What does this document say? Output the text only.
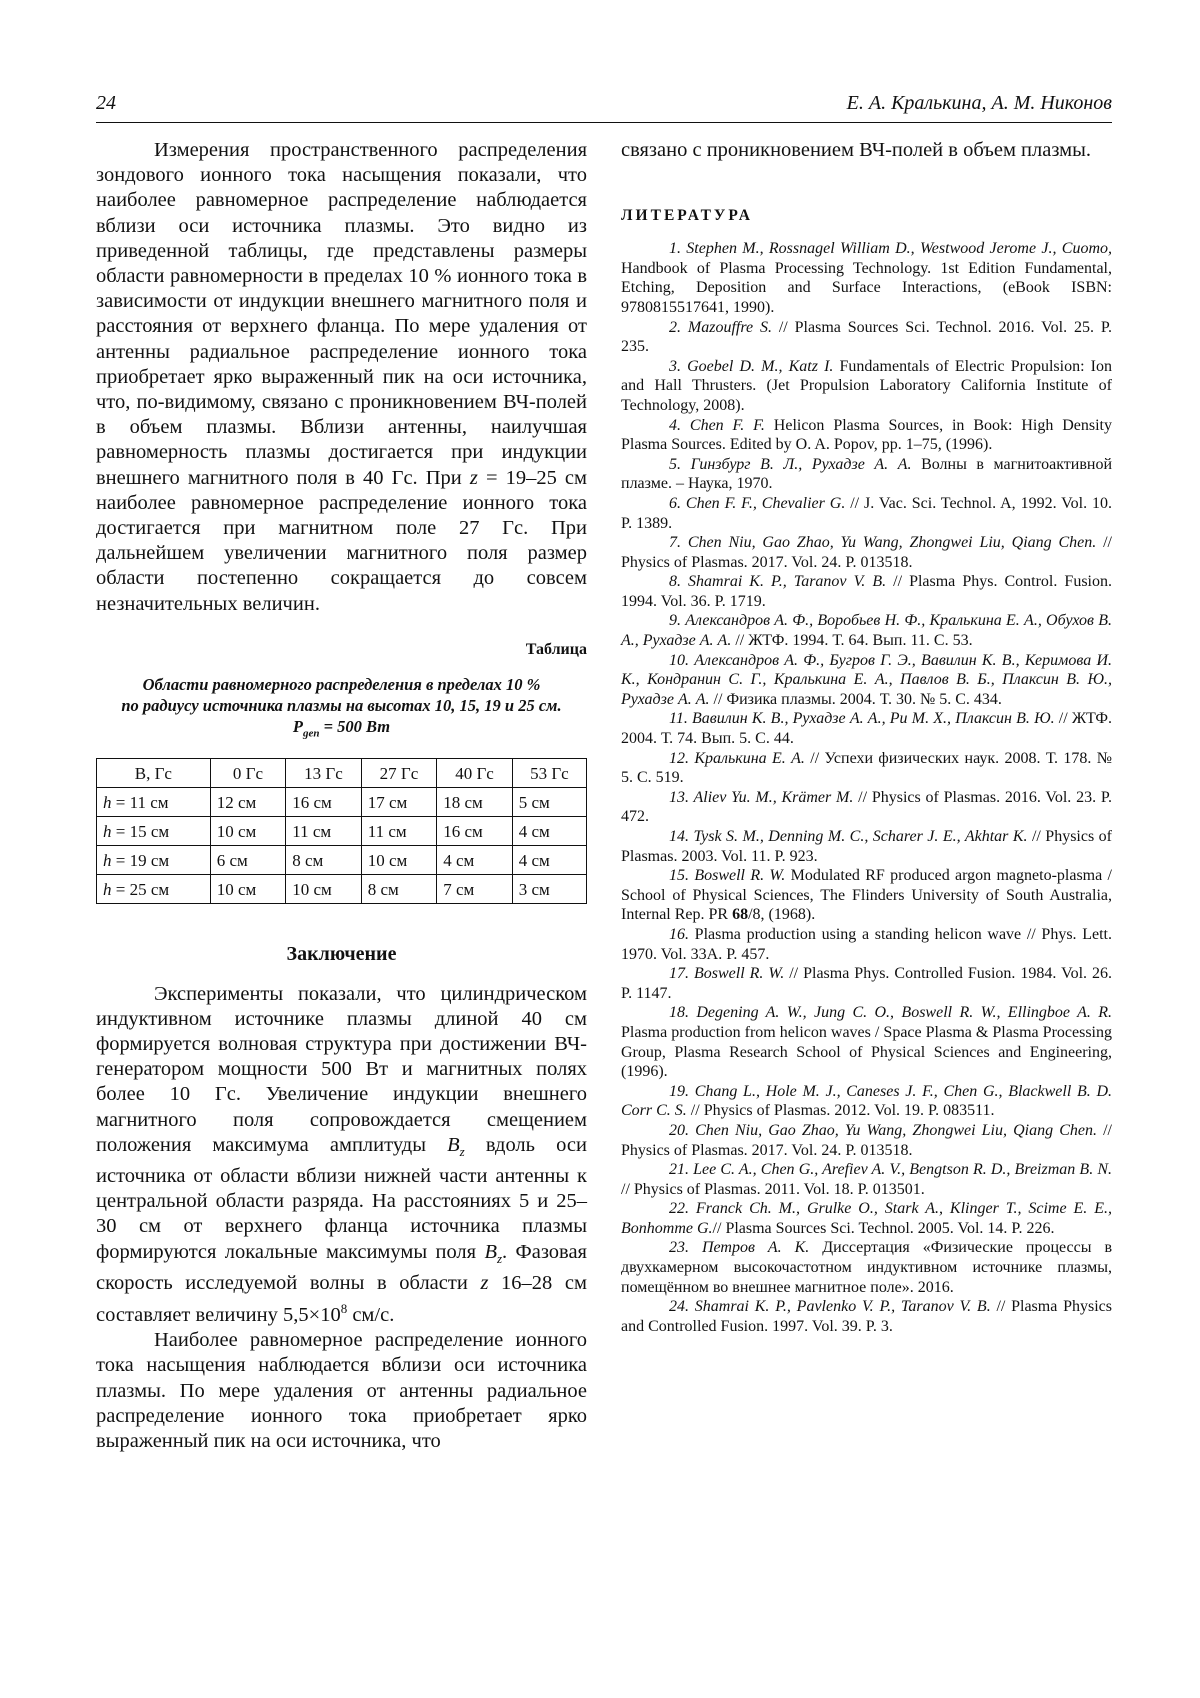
24	Е. А. Кралькина, А. М. Никонов

Измерения пространственного распределения зондового ионного тока насыщения показали, что наиболее равномерное распределение наблюдается вблизи оси источника плазмы. Это видно из приведенной таблицы, где представлены размеры области равномерности в пределах 10 % ионного тока в зависимости от индукции внешнего магнитного поля и расстояния от верхнего фланца. По мере удаления от антенны радиальное распределение ионного тока приобретает ярко выраженный пик на оси источника, что, по-видимому, связано с проникновением ВЧ-полей в объем плазмы. Вблизи антенны, наилучшая равномерность плазмы достигается при индукции внешнего магнитного поля в 40 Гс. При z = 19–25 см наиболее равномерное распределение ионного тока достигается при магнитном поле 27 Гс. При дальнейшем увеличении магнитного поля размер области постепенно сокращается до совсем незначительных величин.

Таблица
Области равномерного распределения в пределах 10 %
по радиусу источника плазмы на высотах 10, 15, 19 и 25 см.
$P_{gen} = 500$ Вт
B, Гс	0 Гс	13 Гс	27 Гс	40 Гс	53 Гс
h = 11 см	12 см	16 см	17 см	18 см	5 см
h = 15 см	10 см	11 см	11 см	16 см	4 см
h = 19 см	6 см	8 см	10 см	4 см	4 см
h = 25 см	10 см	10 см	8 см	7 см	3 см
Заключение

Эксперименты показали, что цилиндрическом индуктивном источнике плазмы длиной 40 см формируется волновая структура при достижении ВЧ-генератором мощности 500 Вт и магнитных полях более 10 Гс. Увеличение индукции внешнего магнитного поля сопровождается смещением положения максимума амплитуды $B_z$ вдоль оси источника от области вблизи нижней части антенны к центральной области разряда. На расстояниях 5 и 25–30 см от верхнего фланца источника плазмы формируются локальные максимумы поля $B_z$. Фазовая скорость исследуемой волны в области z 16–28 см составляет величину $5,5\times 10^8$ см/с.

Наиболее равномерное распределение ионного тока насыщения наблюдается вблизи оси источника плазмы. По мере удаления от антенны радиальное распределение ионного тока приобретает ярко выраженный пик на оси источника, что

связано с проникновением ВЧ-полей в объем плазмы.

ЛИТЕРАТУРА

1. Stephen M., Rossnagel William D., Westwood Jerome J., Cuomo, Handbook of Plasma Processing Technology. 1st Edition Fundamental, Etching, Deposition and Surface Interactions, (eBook ISBN: 9780815517641, 1990).

2. Mazouffre S. // Plasma Sources Sci. Technol. 2016. Vol. 25. P. 235.

3. Goebel D. M., Katz I. Fundamentals of Electric Propulsion: Ion and Hall Thrusters. (Jet Propulsion Laboratory California Institute of Technology, 2008).

4. Chen F. F. Helicon Plasma Sources, in Book: High Density Plasma Sources. Edited by O. A. Popov, pp. 1–75, (1996).

5. Гинзбург В. Л., Рухадзе А. А. Волны в магнитоактивной плазме. – Наука, 1970.

6. Chen F. F., Chevalier G. // J. Vac. Sci. Technol. A, 1992. Vol. 10. P. 1389.

7. Chen Niu, Gao Zhao, Yu Wang, Zhongwei Liu, Qiang Chen. // Physics of Plasmas. 2017. Vol. 24. P. 013518.

8. Shamrai K. P., Taranov V. B. // Plasma Phys. Control. Fusion. 1994. Vol. 36. P. 1719.

9. Александров А. Ф., Воробьев Н. Ф., Кралькина Е. А., Обухов В. А., Рухадзе А. А. // ЖТФ. 1994. Т. 64. Вып. 11. С. 53.

10. Александров А. Ф., Бугров Г. Э., Вавилин К. В., Керимова И. К., Кондранин С. Г., Кралькина Е. А., Павлов В. Б., Плаксин В. Ю., Рухадзе А. А. // Физика плазмы. 2004. Т. 30. № 5. С. 434.

11. Вавилин К. В., Рухадзе А. А., Ри М. Х., Плаксин В. Ю. // ЖТФ. 2004. Т. 74. Вып. 5. С. 44.

12. Кралькина Е. А. // Успехи физических наук. 2008. Т. 178. № 5. С. 519.

13. Aliev Yu. M., Krämer M. // Physics of Plasmas. 2016. Vol. 23. P. 472.

14. Tysk S. M., Denning M. C., Scharer J. E., Akhtar K. // Physics of Plasmas. 2003. Vol. 11. P. 923.

15. Boswell R. W. Modulated RF produced argon magneto-plasma / School of Physical Sciences, The Flinders University of South Australia, Internal Rep. PR 68/8, (1968).

16. Plasma production using a standing helicon wave // Phys. Lett. 1970. Vol. 33A. P. 457.

17. Boswell R. W. // Plasma Phys. Controlled Fusion. 1984. Vol. 26. P. 1147.

18. Degening A. W., Jung C. O., Boswell R. W., Ellingboe A. R. Plasma production from helicon waves / Space Plasma & Plasma Processing Group, Plasma Research School of Physical Sciences and Engineering, (1996).

19. Chang L., Hole M. J., Caneses J. F., Chen G., Blackwell B. D. Corr C. S. // Physics of Plasmas. 2012. Vol. 19. P. 083511.

20. Chen Niu, Gao Zhao, Yu Wang, Zhongwei Liu, Qiang Chen. // Physics of Plasmas. 2017. Vol. 24. P. 013518.

21. Lee C. A., Chen G., Arefiev A. V., Bengtson R. D., Breizman B. N. // Physics of Plasmas. 2011. Vol. 18. P. 013501.

22. Franck Ch. M., Grulke O., Stark A., Klinger T., Scime E. E., Bonhomme G.// Plasma Sources Sci. Technol. 2005. Vol. 14. P. 226.

23. Петров А. К. Диссертация «Физические процессы в двухкамерном высокочастотном индуктивном источнике плазмы, помещённом во внешнее магнитное поле». 2016.

24. Shamrai K. P., Pavlenko V. P., Taranov V. B. // Plasma Physics and Controlled Fusion. 1997. Vol. 39. P. 3.
